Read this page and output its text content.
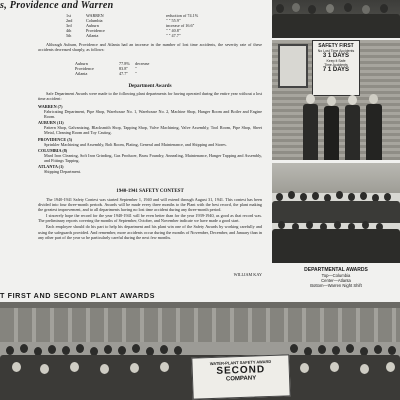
s, Providence and Warren
1st	WARREN	reduction of 74.1%
2nd	Columbia	" " 55.9"
3rd	Auburn	increase of 16.6"
4th	Providence	" " 40.8"
5th	Atlanta	" " 47.7"
Although Auburn, Providence and Atlanta had an increase in the number of lost time accidents, the severity rate of these accidents decreased sharply, as follows:
Auburn	77.8%	decrease
Providence	83.8"	"
Atlanta	47.7"	"
Department Awards
Safe Department Awards were made to the following plant departments for having operated during the entire year without a lost time accident:
WARREN (7)
Fabricating Department, Pipe Shop, Warehouse No. 1, Warehouse No. 2, Machine Shop, Hanger Room and Boiler and Engine Room.
AUBURN (11)
Pattern Shop, Galvanizing, Blacksmith Shop, Tapping Shop, Valve Machining, Valve Assembly, Tool Room, Pipe Shop, Sheet Metal, Cleaning Room and Toy Casting.
PROVIDENCE (5)
Sprinkler Machining and Assembly, Bolt Room, Plating, General and Maintenance, and Shipping and Stores.
COLUMBIA (8)
Mard Iron Cleaning, Soft Iron Grinding, Gas Producer, Brass Foundry, Annealing, Maintenance, Hanger Tapping and Assembly, and Fittings Tapping.
ATLANTA (1)
Shipping Department.
1940-1941 SAFETY CONTEST
The 1940-1941 Safety Contest was started September 1, 1940 and will extend through August 31, 1941. This contest has been divided into four three-month periods. Awards will be made every three months to the Plant with the best record, the plant making the greatest improvement, and to all departments having no lost time accident during any three-month period.
I sincerely hope the record for the year 1940-1941 will be even better than for the year 1939-1940, as good as that record was. The preliminary reports covering the months of September, October, and November indicate we have made a good start.
Each employee should do his part to help his department and his plant win one of the Safety Awards by working carefully and using the safeguards provided. And remember, more accidents occur during the months of November, December, and January than in any other part of the year so be particularly careful during the next few months.
WILLIAM KAY
SAFETY FIRST
No Lost Time Accidents
3 1 DAYS
Keep it Safe
Time Accidents
7 1 DAYS
DEPARTMENTAL AWARDS
Top—Columbia
Center—Atlanta
Bottom—Warren Night Shift
T FIRST AND SECOND PLANT AWARDS
WATER-PLANT SAFETY AWARD
SECOND
COMPANY
